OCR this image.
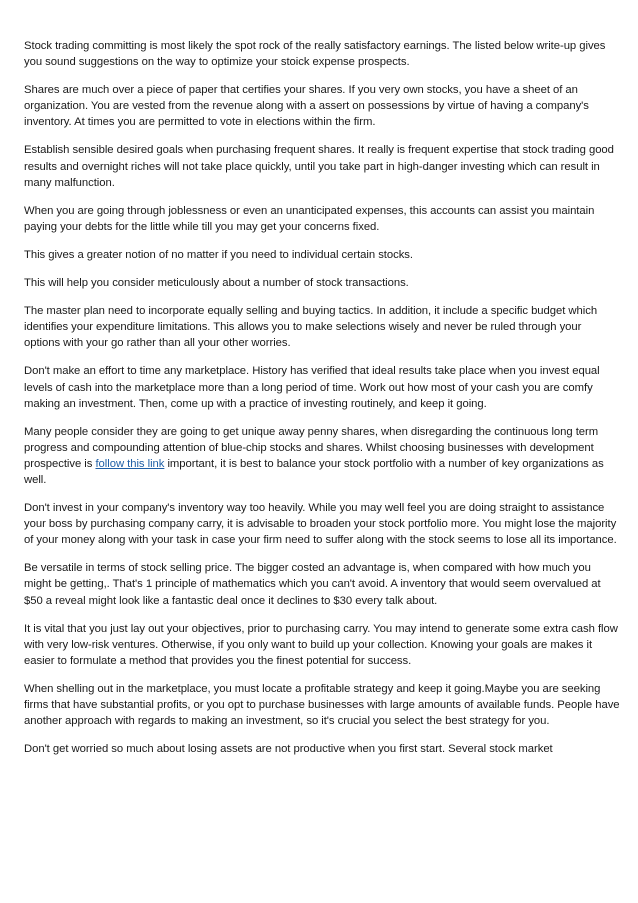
Stock trading committing is most likely the spot rock of the really satisfactory earnings. The listed below write-up gives you sound suggestions on the way to optimize your stoick expense prospects.

Shares are much over a piece of paper that certifies your shares. If you very own stocks, you have a sheet of an organization. You are vested from the revenue along with a assert on possessions by virtue of having a company's inventory. At times you are permitted to vote in elections within the firm.

Establish sensible desired goals when purchasing frequent shares. It really is frequent expertise that stock trading good results and overnight riches will not take place quickly, until you take part in high-danger investing which can result in many malfunction.

When you are going through joblessness or even an unanticipated expenses, this accounts can assist you maintain paying your debts for the little while till you may get your concerns fixed.

This gives a greater notion of no matter if you need to individual certain stocks.

This will help you consider meticulously about a number of stock transactions.

The master plan need to incorporate equally selling and buying tactics. In addition, it include a specific budget which identifies your expenditure limitations. This allows you to make selections wisely and never be ruled through your options with your go rather than all your other worries.

Don't make an effort to time any marketplace. History has verified that ideal results take place when you invest equal levels of cash into the marketplace more than a long period of time. Work out how most of your cash you are comfy making an investment. Then, come up with a practice of investing routinely, and keep it going.

Many people consider they are going to get unique away penny shares, when disregarding the continuous long term progress and compounding attention of blue-chip stocks and shares. Whilst choosing businesses with development prospective is follow this link important, it is best to balance your stock portfolio with a number of key organizations as well.

Don't invest in your company's inventory way too heavily. While you may well feel you are doing straight to assistance your boss by purchasing company carry, it is advisable to broaden your stock portfolio more. You might lose the majority of your money along with your task in case your firm need to suffer along with the stock seems to lose all its importance.

Be versatile in terms of stock selling price. The bigger costed an advantage is, when compared with how much you might be getting,. That's 1 principle of mathematics which you can't avoid. A inventory that would seem overvalued at $50 a reveal might look like a fantastic deal once it declines to $30 every talk about.

It is vital that you just lay out your objectives, prior to purchasing carry. You may intend to generate some extra cash flow with very low-risk ventures. Otherwise, if you only want to build up your collection. Knowing your goals are makes it easier to formulate a method that provides you the finest potential for success.

When shelling out in the marketplace, you must locate a profitable strategy and keep it going.Maybe you are seeking firms that have substantial profits, or you opt to purchase businesses with large amounts of available funds. People have another approach with regards to making an investment, so it's crucial you select the best strategy for you.

Don't get worried so much about losing assets are not productive when you first start. Several stock market
